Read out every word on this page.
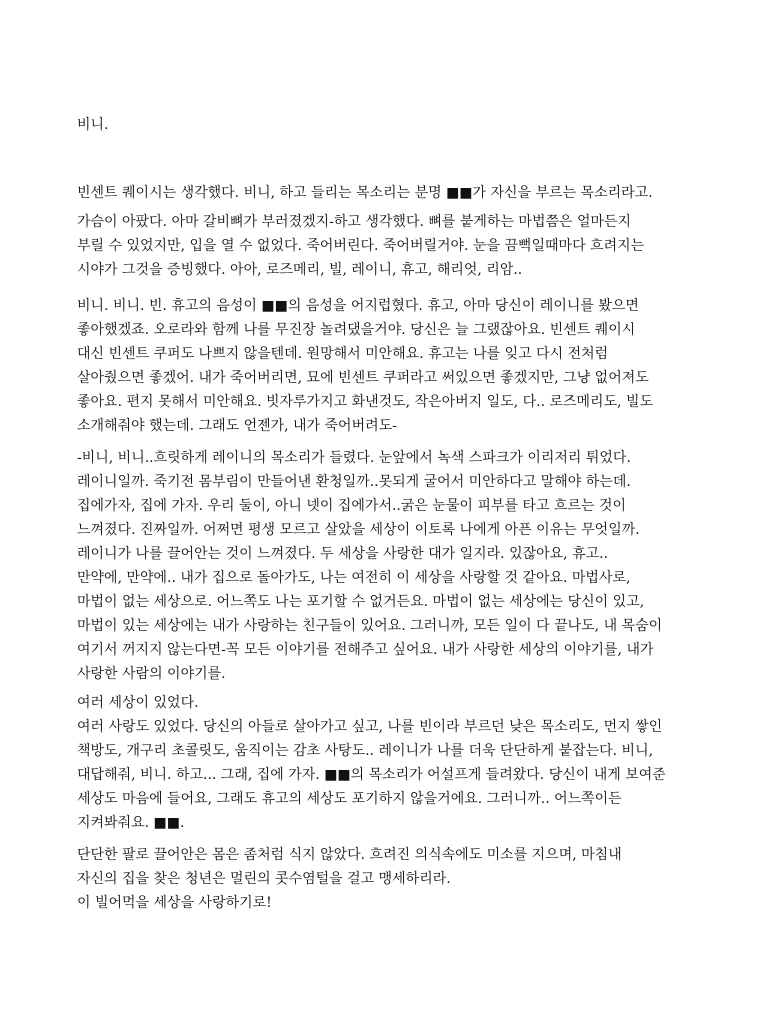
비니.
빈센트 퀘이시는 생각했다. 비니, 하고 들리는 목소리는 분명 ■■가 자신을 부르는 목소리라고.
가슴이 아팠다. 아마 갈비뼈가 부러졌겠지-하고 생각했다. 뼈를 붙게하는 마법쯤은 얼마든지
부릴 수 있었지만, 입을 열 수 없었다. 죽어버린다. 죽어버릴거야. 눈을 끔뻑일때마다 흐려지는
시야가 그것을 증빙했다. 아아, 로즈메리, 빌, 레이니, 휴고, 해리엇, 리암..
비니. 비니. 빈. 휴고의 음성이 ■■의 음성을 어지럽혔다. 휴고, 아마 당신이 레이니를 봤으면
좋아했겠죠. 오로라와 함께 나를 무진장 놀려댔을거야. 당신은 늘 그랬잖아요. 빈센트 퀘이시
대신 빈센트 쿠퍼도 나쁘지 않을텐데. 원망해서 미안해요. 휴고는 나를 잊고 다시 전처럼
살아줬으면 좋겠어. 내가 죽어버리면, 묘에 빈센트 쿠퍼라고 써있으면 좋겠지만, 그냥 없어져도
좋아요. 편지 못해서 미안해요. 빗자루가지고 화낸것도, 작은아버지 일도, 다.. 로즈메리도, 빌도
소개해줘야 했는데. 그래도 언젠가, 내가 죽어버려도-
-비니, 비니..흐릿하게 레이니의 목소리가 들렸다. 눈앞에서 녹색 스파크가 이리저리 튀었다.
레이니일까. 죽기전 몸부림이 만들어낸 환청일까..못되게 굴어서 미안하다고 말해야 하는데.
집에가자, 집에 가자. 우리 둘이, 아니 넷이 집에가서..굵은 눈물이 피부를 타고 흐르는 것이
느껴졌다. 진짜일까. 어쩌면 평생 모르고 살았을 세상이 이토록 나에게 아픈 이유는 무엇일까.
레이니가 나를 끌어안는 것이 느껴졌다. 두 세상을 사랑한 대가 일지라. 있잖아요, 휴고..
만약에, 만약에.. 내가 집으로 돌아가도, 나는 여전히 이 세상을 사랑할 것 같아요. 마법사로,
마법이 없는 세상으로. 어느쪽도 나는 포기할 수 없거든요. 마법이 없는 세상에는 당신이 있고,
마법이 있는 세상에는 내가 사랑하는 친구들이 있어요. 그러니까, 모든 일이 다 끝나도, 내 목숨이
여기서 꺼지지 않는다면-꼭 모든 이야기를 전해주고 싶어요. 내가 사랑한 세상의 이야기를, 내가
사랑한 사람의 이야기를.
여러 세상이 있었다.
여러 사랑도 있었다. 당신의 아들로 살아가고 싶고, 나를 빈이라 부르던 낮은 목소리도, 먼지 쌓인
책방도, 개구리 초콜릿도, 움직이는 감초 사탕도.. 레이니가 나를 더욱 단단하게 붙잡는다. 비니,
대답해줘, 비니. 하고... 그래, 집에 가자. ■■의 목소리가 어설프게 들려왔다. 당신이 내게 보여준
세상도 마음에 들어요, 그래도 휴고의 세상도 포기하지 않을거에요. 그러니까.. 어느쪽이든
지켜봐줘요. ■■.
단단한 팔로 끌어안은 몸은 좀처럼 식지 않았다. 흐려진 의식속에도 미소를 지으며, 마침내
자신의 집을 찾은 청년은 멀린의 콧수염털을 걸고 맹세하리라.
이 빌어먹을 세상을 사랑하기로!
